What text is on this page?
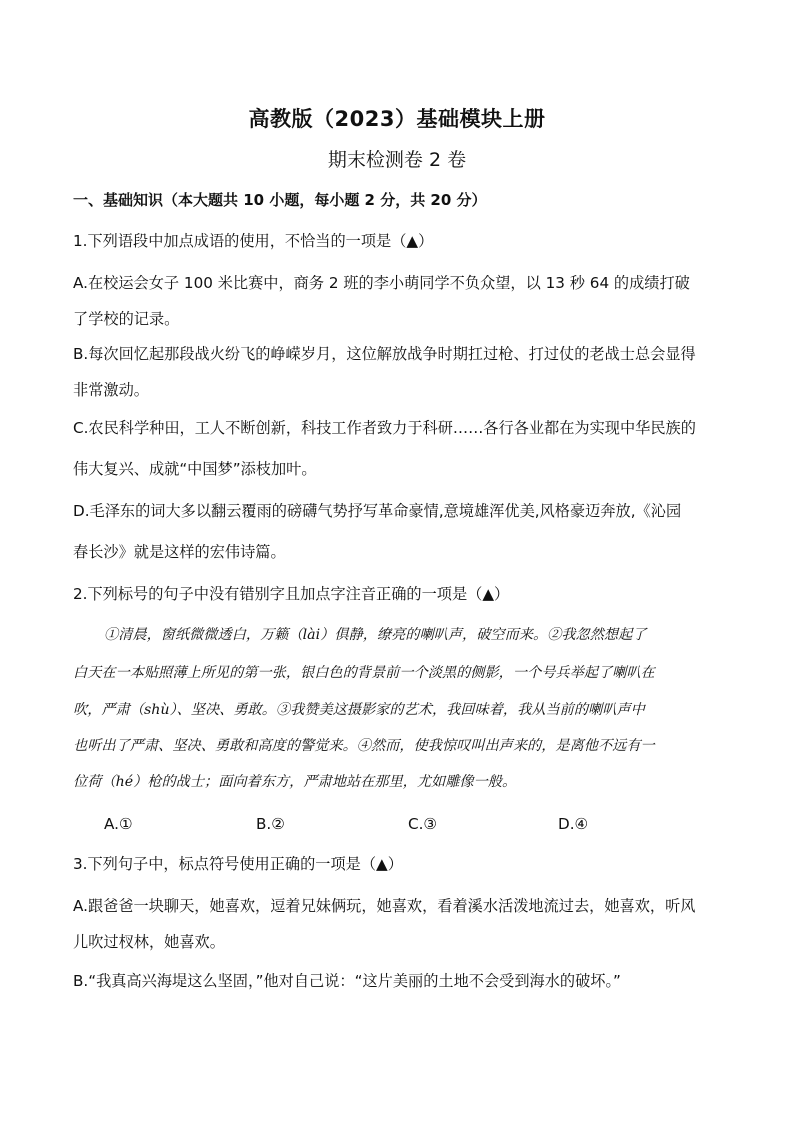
高教版（2023）基础模块上册
期末检测卷 2 卷
一、基础知识（本大题共 10 小题，每小题 2 分，共 20 分）
1.下列语段中加点成语的使用，不恰当的一项是（▲）
A.在校运会女子 100 米比赛中，商务 2 班的李小萌同学不负众望，以 13 秒 64 的成绩打破
了学校的记录。
B.每次回忆起那段战火纷飞的峥嵘岁月，这位解放战争时期扛过枪、打过仗的老战士总会显得
非常激动。
C.农民科学种田，工人不断创新，科技工作者致力于科研……各行各业都在为实现中华民族的
伟大复兴、成就“中国梦”添枝加叶。
D.毛泽东的词大多以翻云覆雨的磅礴气势抒写革命豪情,意境雄浑优美,风格豪迈奔放,《沁园
春长沙》就是这样的宏伟诗篇。
2.下列标号的句子中没有错别字且加点字注音正确的一项是（▲）
①清晨，窗纸微微透白，万籁（lài）俱静，缭亮的喇叭声，破空而来。②我忽然想起了
白天在一本贴照薄上所见的第一张，银白色的背景前一个淡黑的侧影，一个号兵举起了喇叭在
吹，严肃（shù）、坚决、勇敢。③我赞美这摄影家的艺术，我回味着，我从当前的喇叭声中
也听出了严肃、坚决、勇敢和高度的警觉来。④然而，使我惊叹叫出声来的，是离他不远有一
位荷（hé）枪的战士；面向着东方，严肃地站在那里，尤如雕像一般。
A.①	B.②	C.③	D.④
3.下列句子中，标点符号使用正确的一项是（▲）
A.跟爸爸一块聊天，她喜欢，逗着兄妹俩玩，她喜欢，看着溪水活泼地流过去，她喜欢，听风
儿吹过杈林，她喜欢。
B.“我真高兴海堤这么坚固，”他对自己说：“这片美丽的土地不会受到海水的破坏。”
